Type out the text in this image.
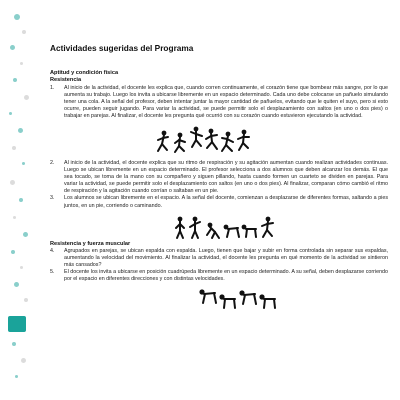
Actividades sugeridas del Programa
Aptitud y condición física
Resistencia
1. Al inicio de la actividad, el docente les explica que, cuando corren continuamente, el corazón tiene que bombear más sangre, por lo que aumenta su trabajo. Luego los invita a ubicarse libremente en un espacio determinado. Cada uno debe colocarse un pañuelo simulando tener una cola. A la señal del profesor, deben intentar juntar la mayor cantidad de pañuelos, evitando que le quiten el suyo, pero si esto ocurre, pueden seguir jugando. Para variar la actividad, se puede permitir solo el desplazamiento con saltos (en uno o dos pies) o trabajar en parejas. Al finalizar, el docente les pregunta qué ocurrió con su corazón cuando estuvieron ejecutando la actividad.
2. Al inicio de la actividad, el docente explica que su ritmo de respiración y su agitación aumentan cuando realizan actividades continuas. Luego se ubican libremente en un espacio determinado. El profesor selecciona a dos alumnos que deben alcanzar los demás. El que sea tocado, se toma de la mano con su compañero y siguen pillando, hasta cuando formen un cuarteto se dividen en parejas. Para variar la actividad, se puede permitir solo el desplazamiento con saltos (en uno o dos pies). Al finalizar, comparan cómo cambió el ritmo de respiración y la agitación cuando corrían o saltaban en un pie.
3. Los alumnos se ubican libremente en el espacio. A la señal del docente, comienzan a desplazarse de diferentes formas, saltando a pies juntos, en un pie, corriendo o caminando.
Resistencia y fuerza muscular
4. Agrupados en parejas, se ubican espalda con espalda. Luego, tienen que bajar y subir en forma controlada sin separar sus espaldas, aumentando la velocidad del movimiento. Al finalizar la actividad, el docente les pregunta en qué momento de la actividad se sintieron más cansados?
5. El docente los invita a ubicarse en posición cuadrúpeda libremente en un espacio determinado. A su señal, deben desplazarse corriendo por el espacio en diferentes direcciones y con distintas velocidades.
